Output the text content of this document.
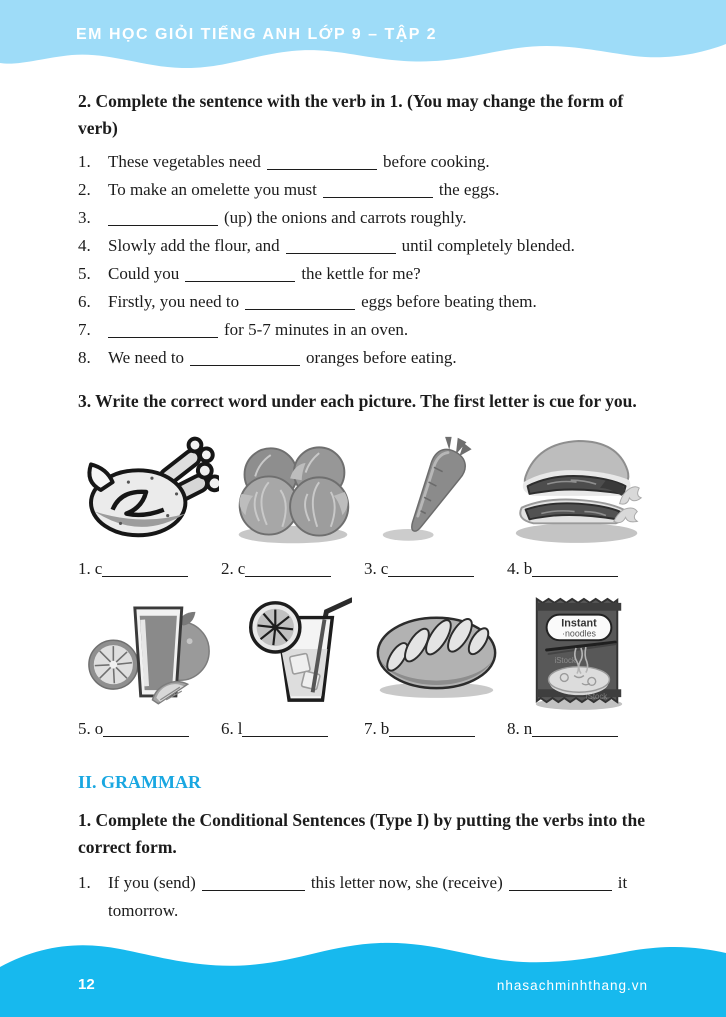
EM HỌC GIỎI TIẾNG ANH LỚP 9 – TẬP 2
2. Complete the sentence with the verb in 1. (You may change the form of verb)
1.	These vegetables need	before cooking.
2.	To make an omelette you must	the eggs.
3.	(up) the onions and carrots roughly.
4.	Slowly add the flour, and	until completely blended.
5.	Could you	the kettle for me?
6.	Firstly, you need to	eggs before beating them.
7.	for 5-7 minutes in an oven.
8.	We need to	oranges before eating.
3. Write the correct word under each picture. The first letter is cue for you.
1. c	2. c	3. c	4. b
5. o	6. l	7. b
Instant
·noodles
iStock
iStock
8. n
II. GRAMMAR
1. Complete the Conditional Sentences (Type I) by putting the verbs into the correct form.
1.	If you (send)	this letter now, she (receive)	it tomorrow.
12	nhasachminhthang.vn
